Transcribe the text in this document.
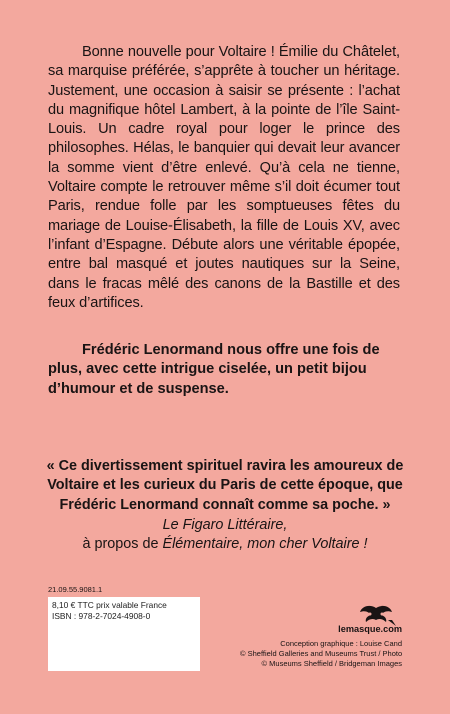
Bonne nouvelle pour Voltaire ! Émilie du Châtelet, sa marquise préférée, s’apprête à toucher un héritage. Justement, une occasion à saisir se présente : l’achat du magnifique hôtel Lambert, à la pointe de l’île Saint-Louis. Un cadre royal pour loger le prince des philosophes. Hélas, le banquier qui devait leur avancer la somme vient d’être enlevé. Qu’à cela ne tienne, Voltaire compte le retrouver même s’il doit écumer tout Paris, rendue folle par les somptueuses fêtes du mariage de Louise-Élisabeth, la fille de Louis XV, avec l’infant d’Espagne. Débute alors une véritable épopée, entre bal masqué et joutes nautiques sur la Seine, dans le fracas mêlé des canons de la Bastille et des feux d’artifices.

Frédéric Lenormand nous offre une fois de plus, avec cette intrigue ciselée, un petit bijou d’humour et de suspense.

« Ce divertissement spirituel ravira les amoureux de Voltaire et les curieux du Paris de cette époque, que Frédéric Lenormand connaît comme sa poche. »

Le Figaro Littéraire,
à propos de Élémentaire, mon cher Voltaire !

21.09.55.9081.1

8,10 € TTC prix valable France
ISBN : 978-2-7024-4908-0

lemasque.com

Conception graphique : Louise Cand
© Sheffield Galleries and Museums Trust / Photo
© Museums Sheffield / Bridgeman Images
